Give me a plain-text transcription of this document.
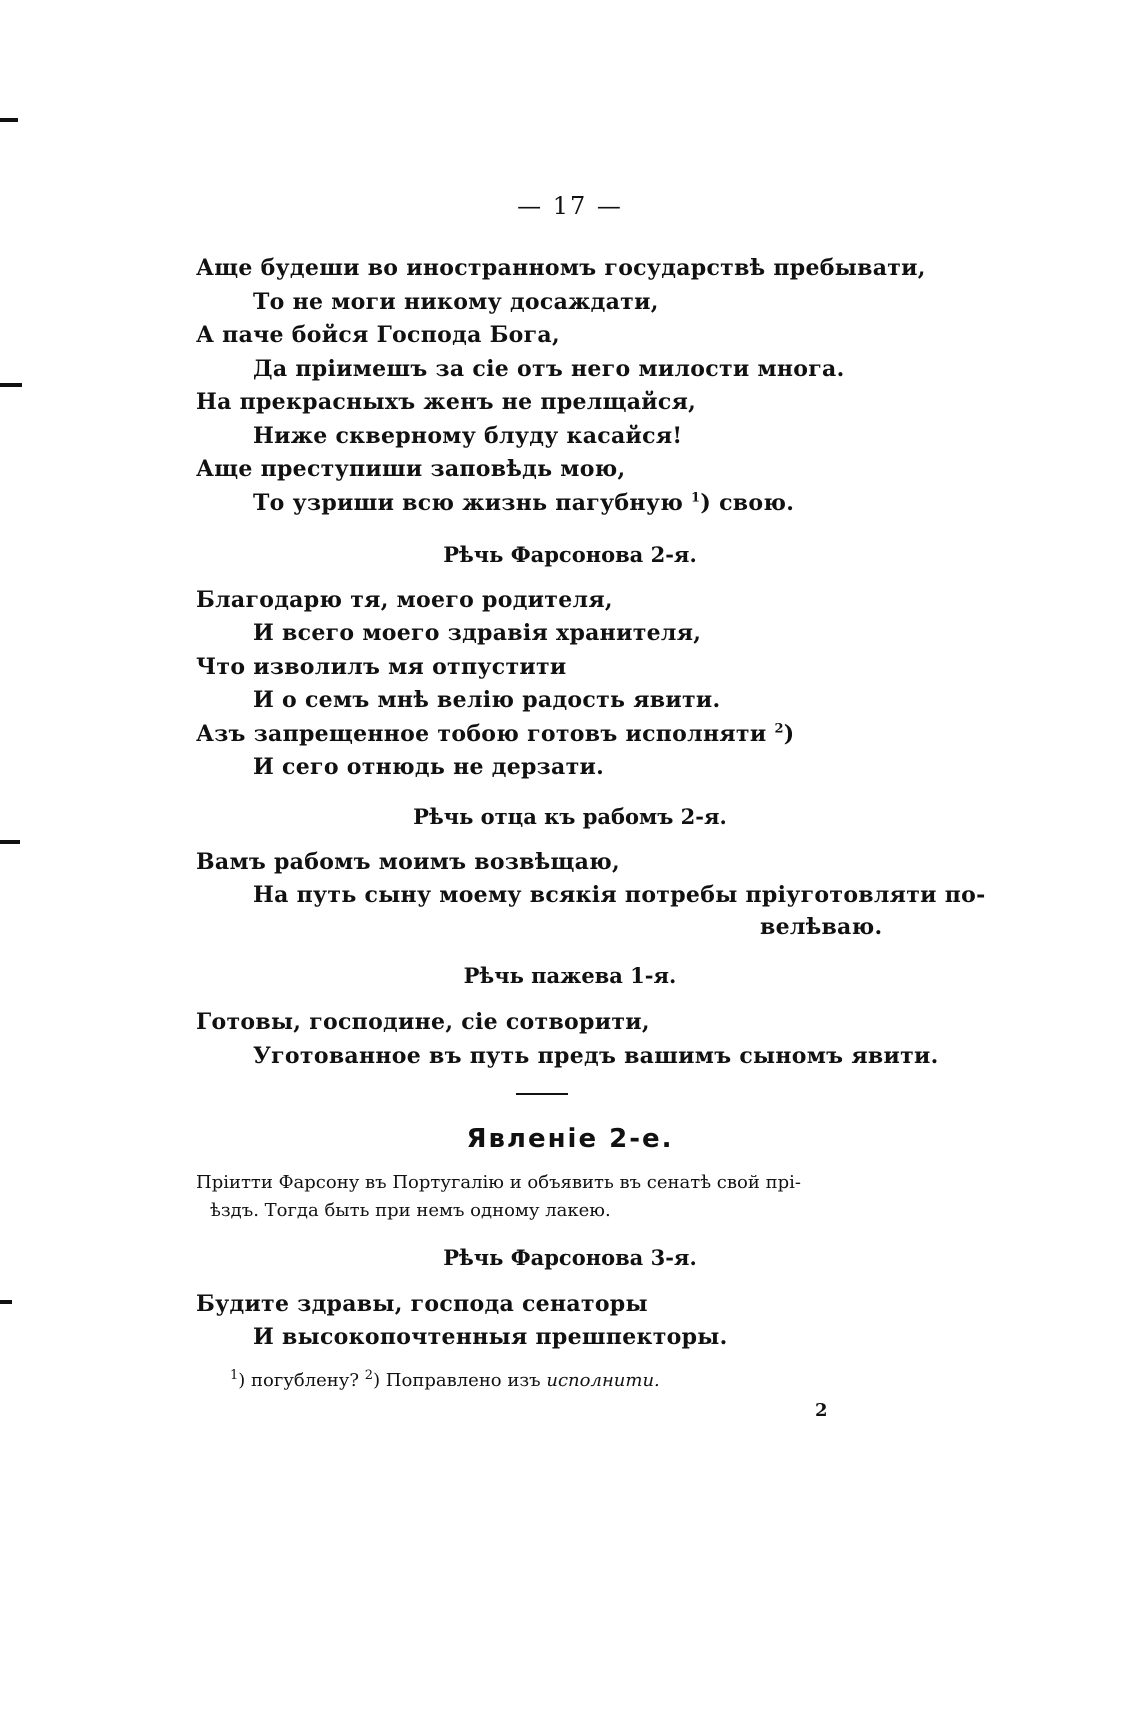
— 17 —
Аще будеши во иностранномъ государствѣ пребывати,
То не моги никому досаждати,
А паче бойся Господа Бога,
Да пріимешъ за сіе отъ него милости многа.
На прекрасныхъ женъ не прелщайся,
Ниже скверному блуду касайся!
Аще преступиши заповѣдь мою,
То узриши всю жизнь пагубную $^1$) свою.
Рѣчь Фарсонова 2-я.
Благодарю тя, моего родителя,
И всего моего здравія хранителя,
Что изволилъ мя отпустити
И о семъ мнѣ велію радость явити.
Азъ запрещенное тобою готовъ исполняти $^2$)
И сего отнюдь не дерзати.
Рѣчь отца къ рабомъ 2-я.
Вамъ рабомъ моимъ возвѣщаю,
На путь сыну моему всякія потребы пріуготовляти по-
велѣваю.
Рѣчь пажева 1-я.
Готовы, господине, сіе сотворити,
Уготованное въ путь предъ вашимъ сыномъ явити.
Явленіе 2-е.
Пріитти Фарсону въ Португалію и объявить въ сенатѣ свой прі-
ѣздъ. Тогда быть при немъ одному лакею.
Рѣчь Фарсонова 3-я.
Будите здравы, господа сенаторы
И высокопочтенныя прешпекторы.
$^1$) погублену? $^2$) Поправлено изъ исполнити.
2
